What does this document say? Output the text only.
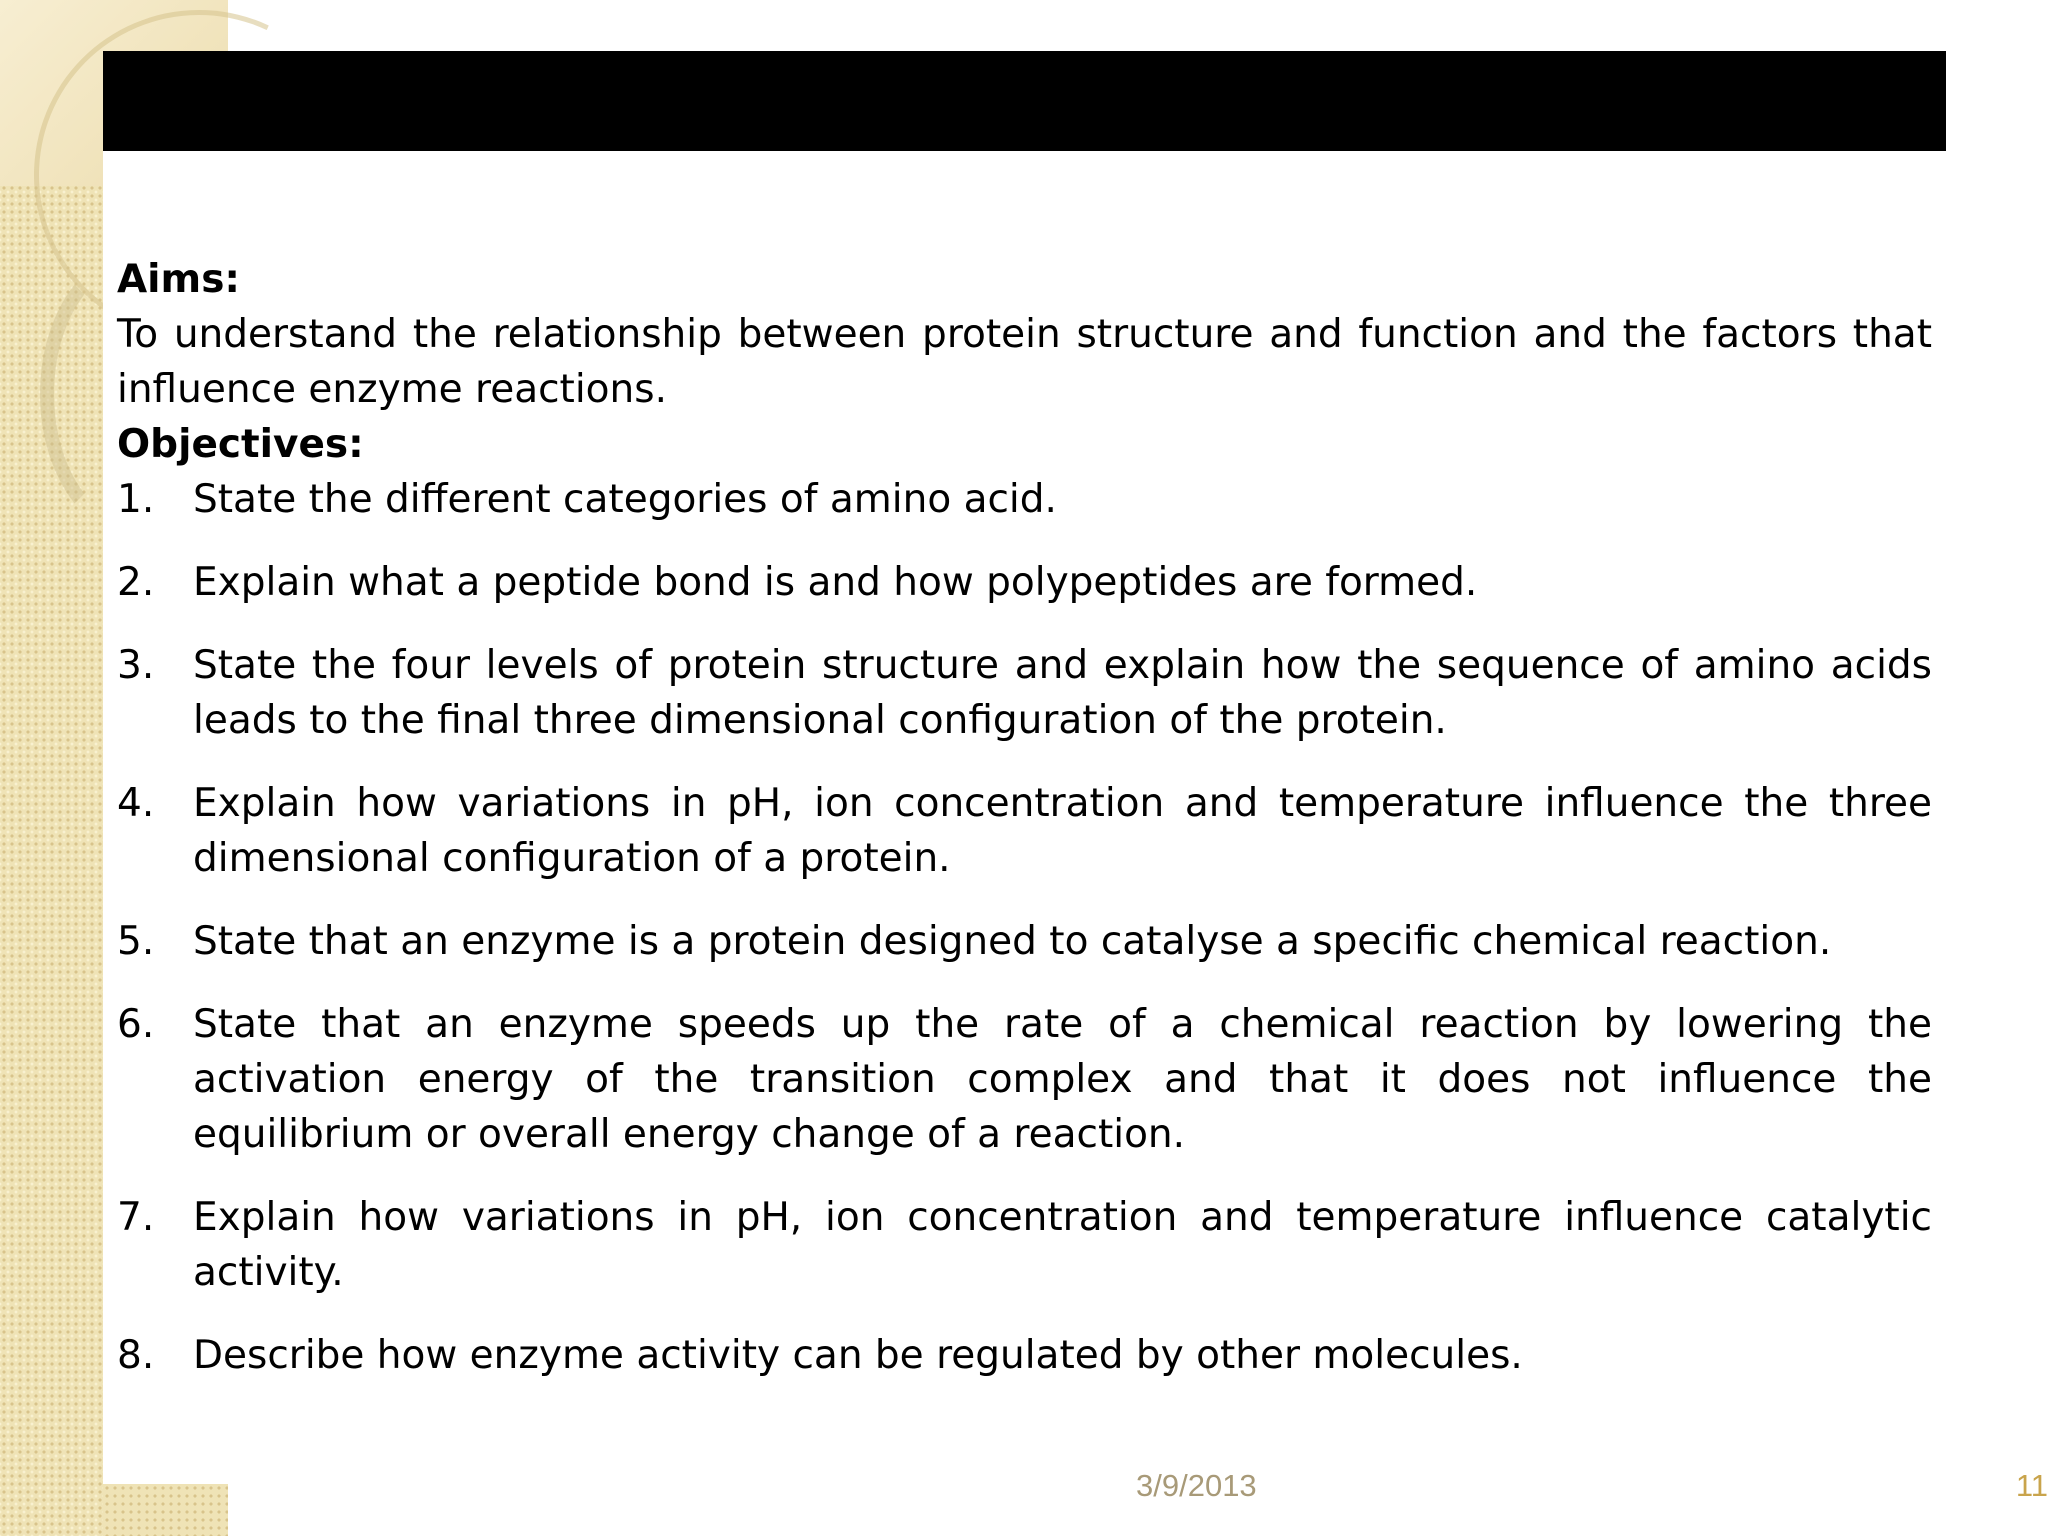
Aims:

To understand the relationship between protein structure and function and the factors that influence enzyme reactions.

Objectives:

1. State the different categories of amino acid.
2. Explain what a peptide bond is and how polypeptides are formed.
3. State the four levels of protein structure and explain how the sequence of amino acids leads to the final three dimensional configuration of the protein.
4. Explain how variations in pH, ion concentration and temperature influence the three dimensional configuration of a protein.
5. State that an enzyme is a protein designed to catalyse a specific chemical reaction.
6. State that an enzyme speeds up the rate of a chemical reaction by lowering the activation energy of the transition complex and that it does not influence the equilibrium or overall energy change of a reaction.
7. Explain how variations in pH, ion concentration and temperature influence catalytic activity.
8. Describe how enzyme activity can be regulated by other molecules.
3/9/2013	11
